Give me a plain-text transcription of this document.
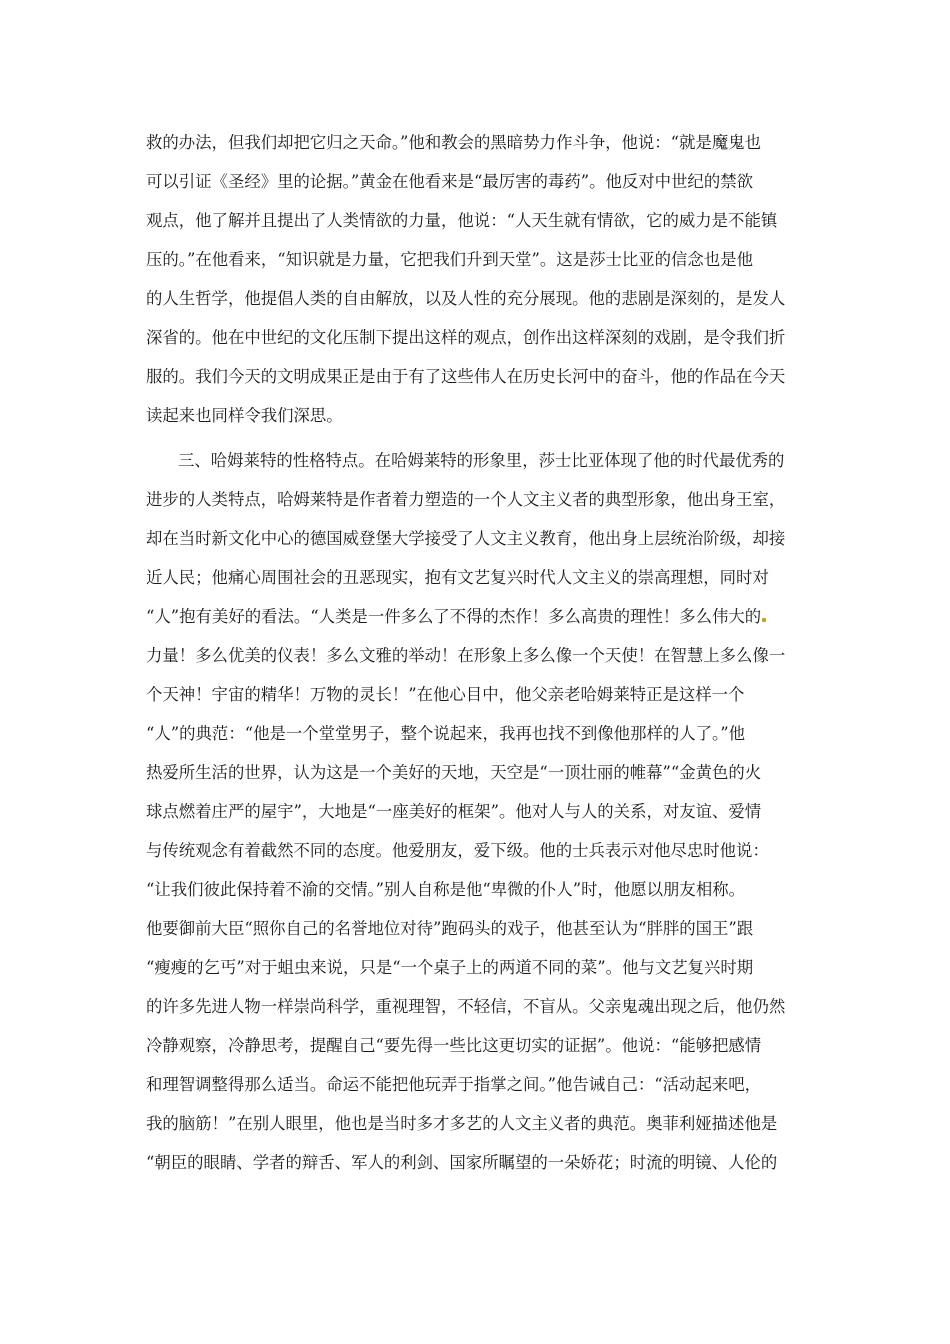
救的办法，但我们却把它归之天命。”他和教会的黑暗势力作斗争，他说：“就是魔鬼也
可以引证《圣经》里的论据。”黄金在他看来是“最厉害的毒药”。他反对中世纪的禁欲
观点，他了解并且提出了人类情欲的力量，他说：“人天生就有情欲，它的威力是不能镇
压的。”在他看来，“知识就是力量，它把我们升到天堂”。这是莎士比亚的信念也是他
的人生哲学，他提倡人类的自由解放，以及人性的充分展现。他的悲剧是深刻的，是发人
深省的。他在中世纪的文化压制下提出这样的观点，创作出这样深刻的戏剧，是令我们折
服的。我们今天的文明成果正是由于有了这些伟人在历史长河中的奋斗，他的作品在今天
读起来也同样令我们深思。
三、哈姆莱特的性格特点。在哈姆莱特的形象里，莎士比亚体现了他的时代最优秀的
进步的人类特点，哈姆莱特是作者着力塑造的一个人文主义者的典型形象，他出身王室，
却在当时新文化中心的德国威登堡大学接受了人文主义教育，他出身上层统治阶级，却接
近人民；他痛心周围社会的丑恶现实，抱有文艺复兴时代人文主义的崇高理想，同时对
“人”抱有美好的看法。“人类是一件多么了不得的杰作！多么高贵的理性！多么伟大的
力量！多么优美的仪表！多么文雅的举动！在形象上多么像一个天使！在智慧上多么像一
个天神！宇宙的精华！万物的灵长！”在他心目中，他父亲老哈姆莱特正是这样一个
“人”的典范：“他是一个堂堂男子，整个说起来，我再也找不到像他那样的人了。”他
热爱所生活的世界，认为这是一个美好的天地，天空是“一顶壮丽的帷幕”“金黄色的火
球点燃着庄严的屋宇”，大地是“一座美好的框架”。他对人与人的关系，对友谊、爱情
与传统观念有着截然不同的态度。他爱朋友，爱下级。他的士兵表示对他尽忠时他说：
“让我们彼此保持着不渝的交情。”别人自称是他“卑微的仆人”时，他愿以朋友相称。
他要御前大臣“照你自己的名誉地位对待”跑码头的戏子，他甚至认为“胖胖的国王”跟
“瘦瘦的乞丐”对于蛆虫来说，只是“一个桌子上的两道不同的菜”。他与文艺复兴时期
的许多先进人物一样崇尚科学，重视理智，不轻信，不盲从。父亲鬼魂出现之后，他仍然
冷静观察，冷静思考，提醒自己“要先得一些比这更切实的证据”。他说：“能够把感情
和理智调整得那么适当。命运不能把他玩弄于指掌之间。”他告诫自己：“活动起来吧，
我的脑筋！”在别人眼里，他也是当时多才多艺的人文主义者的典范。奥菲利娅描述他是
“朝臣的眼睛、学者的辩舌、军人的利剑、国家所瞩望的一朵娇花；时流的明镜、人伦的
